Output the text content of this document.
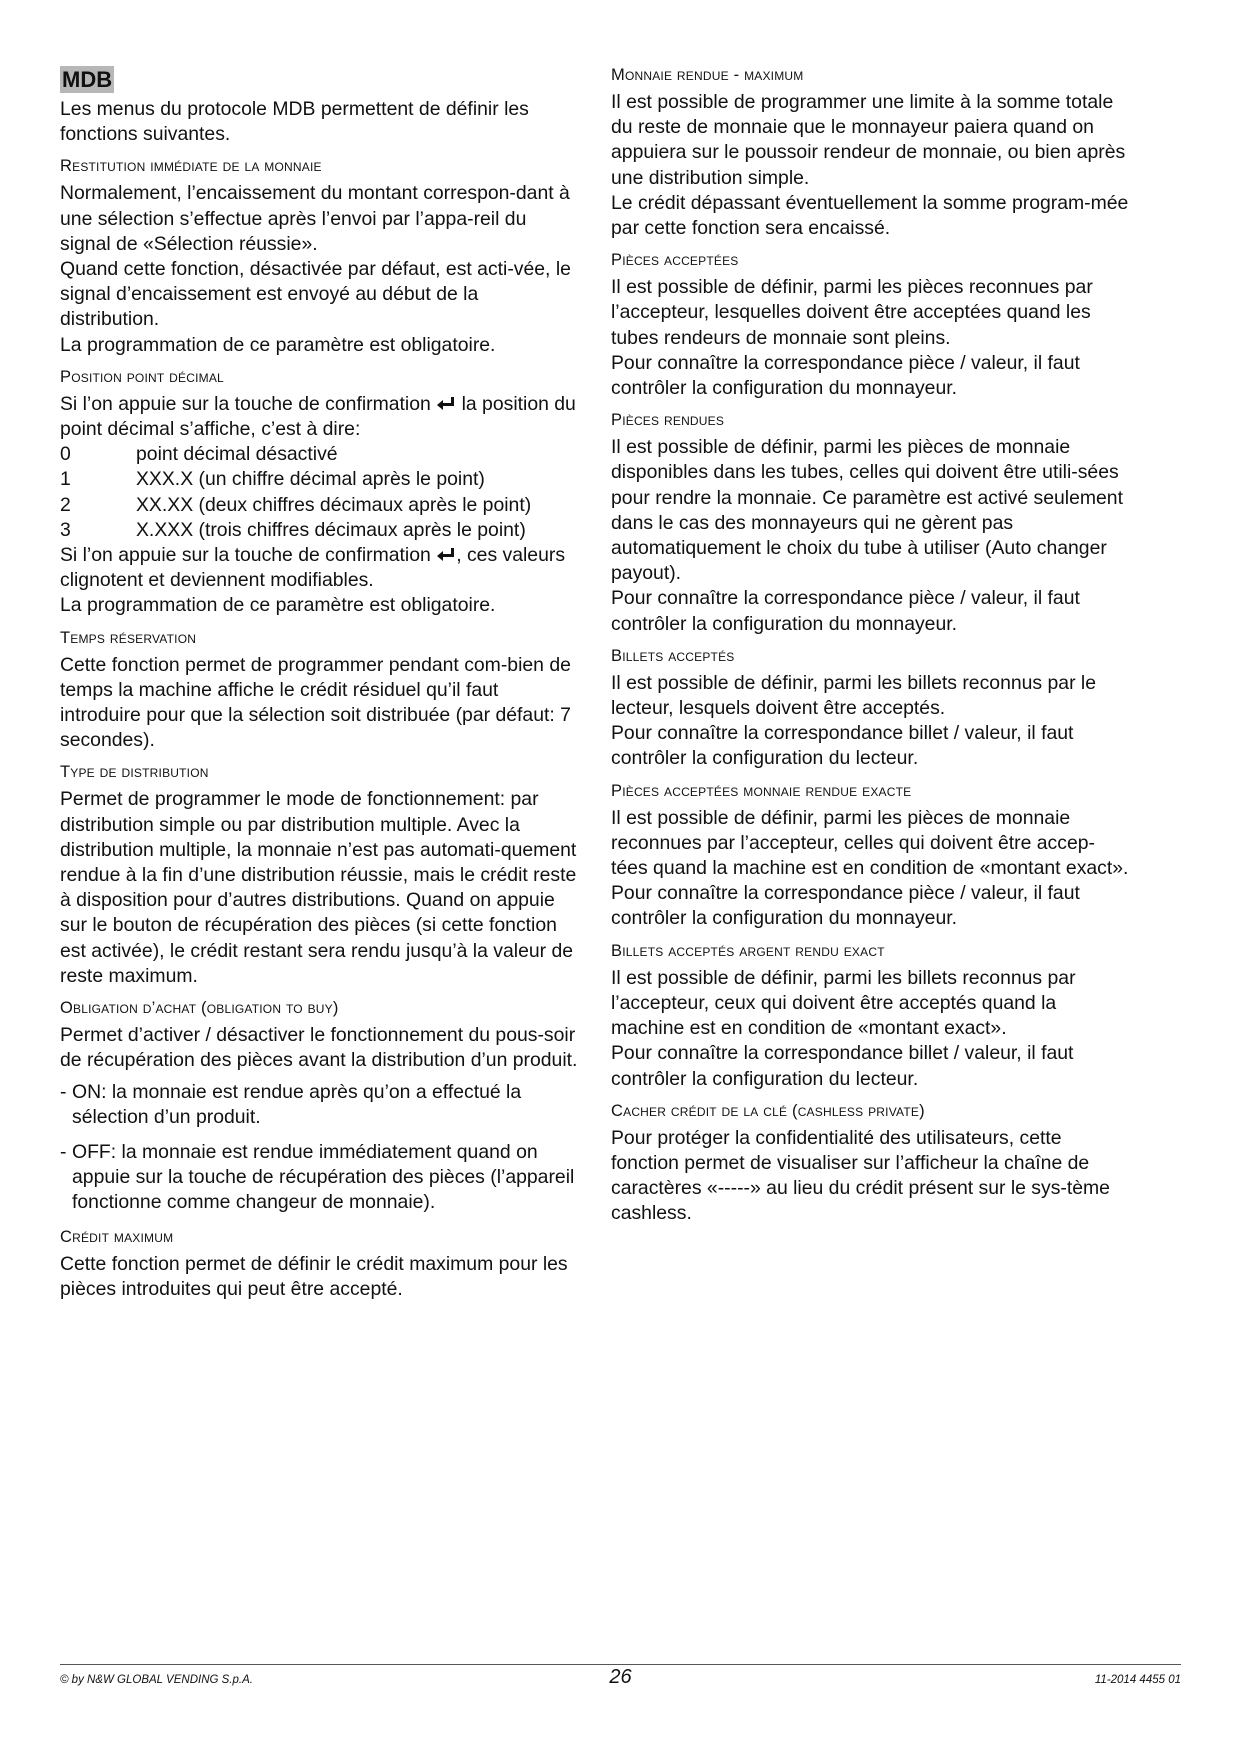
MDB

Les menus du protocole MDB permettent de définir les fonctions suivantes.

Restitution immédiate de la monnaie

Normalement, l’encaissement du montant correspon-dant à une sélection s’effectue après l’envoi par l’appa-reil du signal de «Sélection réussie».

Quand cette fonction, désactivée par défaut, est acti-vée, le signal d’encaissement est envoyé au début de la distribution.

La programmation de ce paramètre est obligatoire.

Position point décimal

Si l’on appuie sur la touche de confirmation
la position du point décimal s’affiche, c’est à dire:

0	point décimal désactivé
1	XXX.X (un chiffre décimal après le point)
2	XX.XX (deux chiffres décimaux après le point)
3	X.XXX (trois chiffres décimaux après le point)

Si l’on appuie sur la touche de confirmation
, ces valeurs clignotent et deviennent modifiables.

La programmation de ce paramètre est obligatoire.

Temps réservation

Cette fonction permet de programmer pendant com-bien de temps la machine affiche le crédit résiduel qu’il faut introduire pour que la sélection soit distribuée (par défaut: 7 secondes).

Type de distribution

Permet de programmer le mode de fonctionnement: par distribution simple ou par distribution multiple. Avec la distribution multiple, la monnaie n’est pas automati-quement rendue à la fin d’une distribution réussie, mais le crédit reste à disposition pour d’autres distributions. Quand on appuie sur le bouton de récupération des pièces (si cette fonction est activée), le crédit restant sera rendu jusqu’à la valeur de reste maximum.

Obligation d’achat (obligation to buy)

Permet d’activer / désactiver le fonctionnement du pous-soir de récupération des pièces avant la distribution d’un produit.

- ON: la monnaie est rendue après qu’on a effectué la sélection d’un produit.
- OFF: la monnaie est rendue immédiatement quand on appuie sur la touche de récupération des pièces (l’appareil fonctionne comme changeur de monnaie).
Crédit maximum

Cette fonction permet de définir le crédit maximum pour les pièces introduites qui peut être accepté.

Monnaie rendue - maximum

Il est possible de programmer une limite à la somme totale du reste de monnaie que le monnayeur paiera quand on appuiera sur le poussoir rendeur de monnaie, ou bien après une distribution simple.

Le crédit dépassant éventuellement la somme program-mée par cette fonction sera encaissé.

Pièces acceptées

Il est possible de définir, parmi les pièces reconnues par l’accepteur, lesquelles doivent être acceptées quand les tubes rendeurs de monnaie sont pleins.

Pour connaître la correspondance pièce / valeur, il faut contrôler la configuration du monnayeur.

Pièces rendues

Il est possible de définir, parmi les pièces de monnaie disponibles dans les tubes, celles qui doivent être utili-sées pour rendre la monnaie. Ce paramètre est activé seulement dans le cas des monnayeurs qui ne gèrent pas automatiquement le choix du tube à utiliser (Auto changer payout).

Pour connaître la correspondance pièce / valeur, il faut contrôler la configuration du monnayeur.

Billets acceptés

Il est possible de définir, parmi les billets reconnus par le lecteur, lesquels doivent être acceptés.

Pour connaître la correspondance billet / valeur, il faut contrôler la configuration du lecteur.

Pièces acceptées monnaie rendue exacte

Il est possible de définir, parmi les pièces de monnaie reconnues par l’accepteur, celles qui doivent être accep-tées quand la machine est en condition de «montant exact».

Pour connaître la correspondance pièce / valeur, il faut contrôler la configuration du monnayeur.

Billets acceptés argent rendu exact

Il est possible de définir, parmi les billets reconnus par l’accepteur, ceux qui doivent être acceptés quand la machine est en condition de «montant exact».

Pour connaître la correspondance billet / valeur, il faut contrôler la configuration du lecteur.

Cacher crédit de la clé (cashless private)

Pour protéger la confidentialité des utilisateurs, cette fonction permet de visualiser sur l’afficheur la chaîne de caractères «-----» au lieu du crédit présent sur le sys-tème cashless.

© by N&W GLOBAL VENDING S.p.A.	26	11-2014 4455 01
